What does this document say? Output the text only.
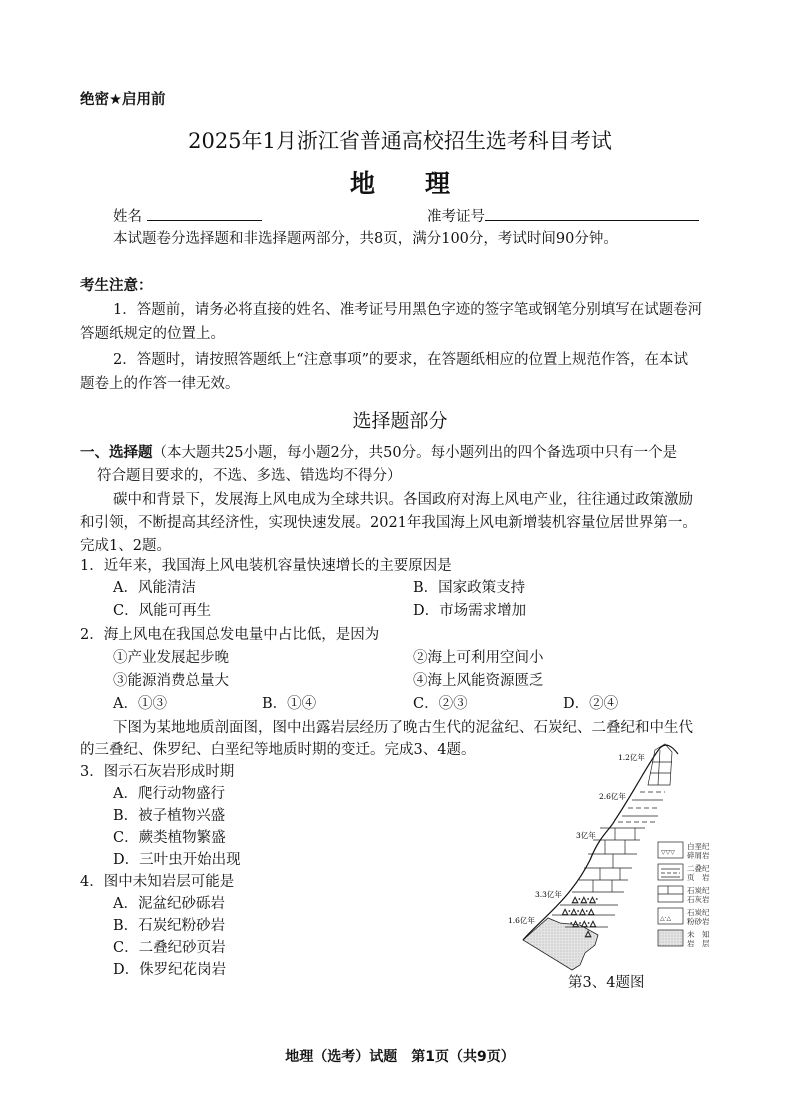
绝密★启用前
2025年1月浙江省普通高校招生选考科目考试
地　　理
姓名	准考证号
本试题卷分选择题和非选择题两部分，共8页，满分100分，考试时间90分钟。
考生注意：
1．答题前，请务必将直接的姓名、准考证号用黑色字迹的签字笔或钢笔分别填写在试题卷河
答题纸规定的位置上。
2．答题时，请按照答题纸上“注意事项”的要求，在答题纸相应的位置上规范作答，在本试
题卷上的作答一律无效。
选择题部分
一、选择题（本大题共25小题，每小题2分，共50分。每小题列出的四个备选项中只有一个是
符合题目要求的，不选、多选、错选均不得分）
碳中和背景下，发展海上风电成为全球共识。各国政府对海上风电产业，往往通过政策激励
和引领，不断提高其经济性，实现快速发展。2021年我国海上风电新增装机容量位居世界第一。
完成1、2题。
1．近年来，我国海上风电装机容量快速增长的主要原因是
A．风能清洁	B．国家政策支持
C．风能可再生	D．市场需求增加
2．海上风电在我国总发电量中占比低，是因为
①产业发展起步晚	②海上可利用空间小
③能源消费总量大	④海上风能资源匮乏
A．①③	B．①④	C．②③	D．②④
下图为某地地质剖面图，图中出露岩层经历了晚古生代的泥盆纪、石炭纪、二叠纪和中生代
的三叠纪、侏罗纪、白垩纪等地质时期的变迁。完成3、4题。
3．图示石灰岩形成时期
A．爬行动物盛行
B．被子植物兴盛
C．蕨类植物繁盛
D．三叶虫开始出现
4．图中未知岩层可能是
A．泥盆纪砂砾岩
B．石炭纪粉砂岩
C．二叠纪砂页岩
D．侏罗纪花岗岩
△·△·△·
△·△·△·△
·△·△·△
△
1.2亿年
2.6亿年
3亿年
3.3亿年
1.6亿年
▽▽▽
△·△
白垩纪
碎屑岩
二叠纪
页　岩
石炭纪
石灰岩
石炭纪
粉砂岩
未　知
岩　层
第3、4题图
地理（选考）试题　第1页（共9页）
